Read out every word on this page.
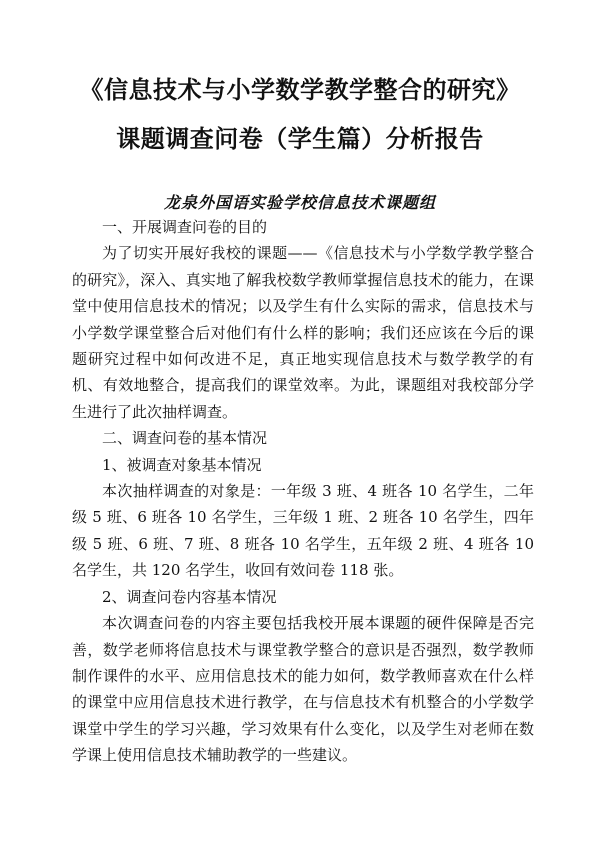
《信息技术与小学数学教学整合的研究》
课题调查问卷（学生篇）分析报告
龙泉外国语实验学校信息技术课题组

一、开展调查问卷的目的

为了切实开展好我校的课题——《信息技术与小学数学教学整合的研究》，深入、真实地了解我校数学教师掌握信息技术的能力，在课堂中使用信息技术的情况；以及学生有什么实际的需求，信息技术与小学数学课堂整合后对他们有什么样的影响；我们还应该在今后的课题研究过程中如何改进不足，真正地实现信息技术与数学教学的有机、有效地整合，提高我们的课堂效率。为此，课题组对我校部分学生进行了此次抽样调查。

二、调查问卷的基本情况

1、被调查对象基本情况

本次抽样调查的对象是：一年级 3 班、4 班各 10 名学生，二年级 5 班、6 班各 10 名学生，三年级 1 班、2 班各 10 名学生，四年级 5 班、6 班、7 班、8 班各 10 名学生，五年级 2 班、4 班各 10 名学生，共 120 名学生，收回有效问卷 118 张。

2、调查问卷内容基本情况

本次调查问卷的内容主要包括我校开展本课题的硬件保障是否完善，数学老师将信息技术与课堂教学整合的意识是否强烈，数学教师制作课件的水平、应用信息技术的能力如何，数学教师喜欢在什么样的课堂中应用信息技术进行教学，在与信息技术有机整合的小学数学课堂中学生的学习兴趣，学习效果有什么变化，以及学生对老师在数学课上使用信息技术辅助教学的一些建议。
